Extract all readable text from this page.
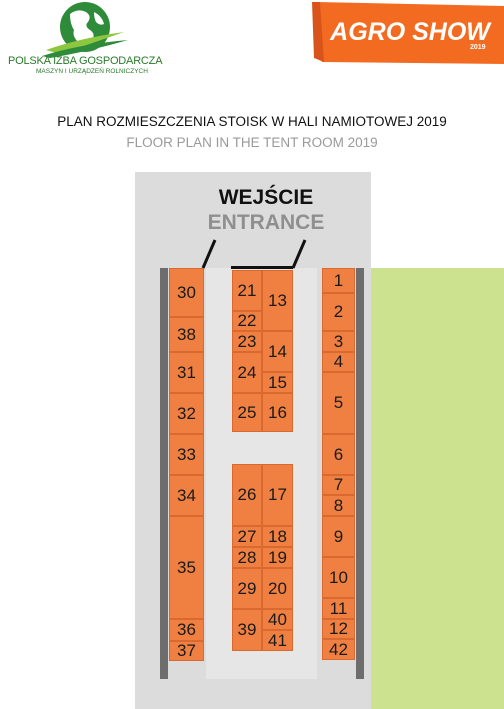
POLSKA IZBA GOSPODARCZA
MASZYN I URZĄDZEŃ ROLNICZYCH
AGRO SHOW
2019
PLAN ROZMIESZCZENIA STOISK W HALI NAMIOTOWEJ 2019
FLOOR PLAN IN THE TENT ROOM 2019
WEJŚCIE
ENTRANCE
30
38
31
32
33
34
35
36
37
21
22
23
24
25
13
14
15
16
26
27
28
29
39
17
18
19
20
40
41
1
2
3
4
5
6
7
8
9
10
11
12
42
